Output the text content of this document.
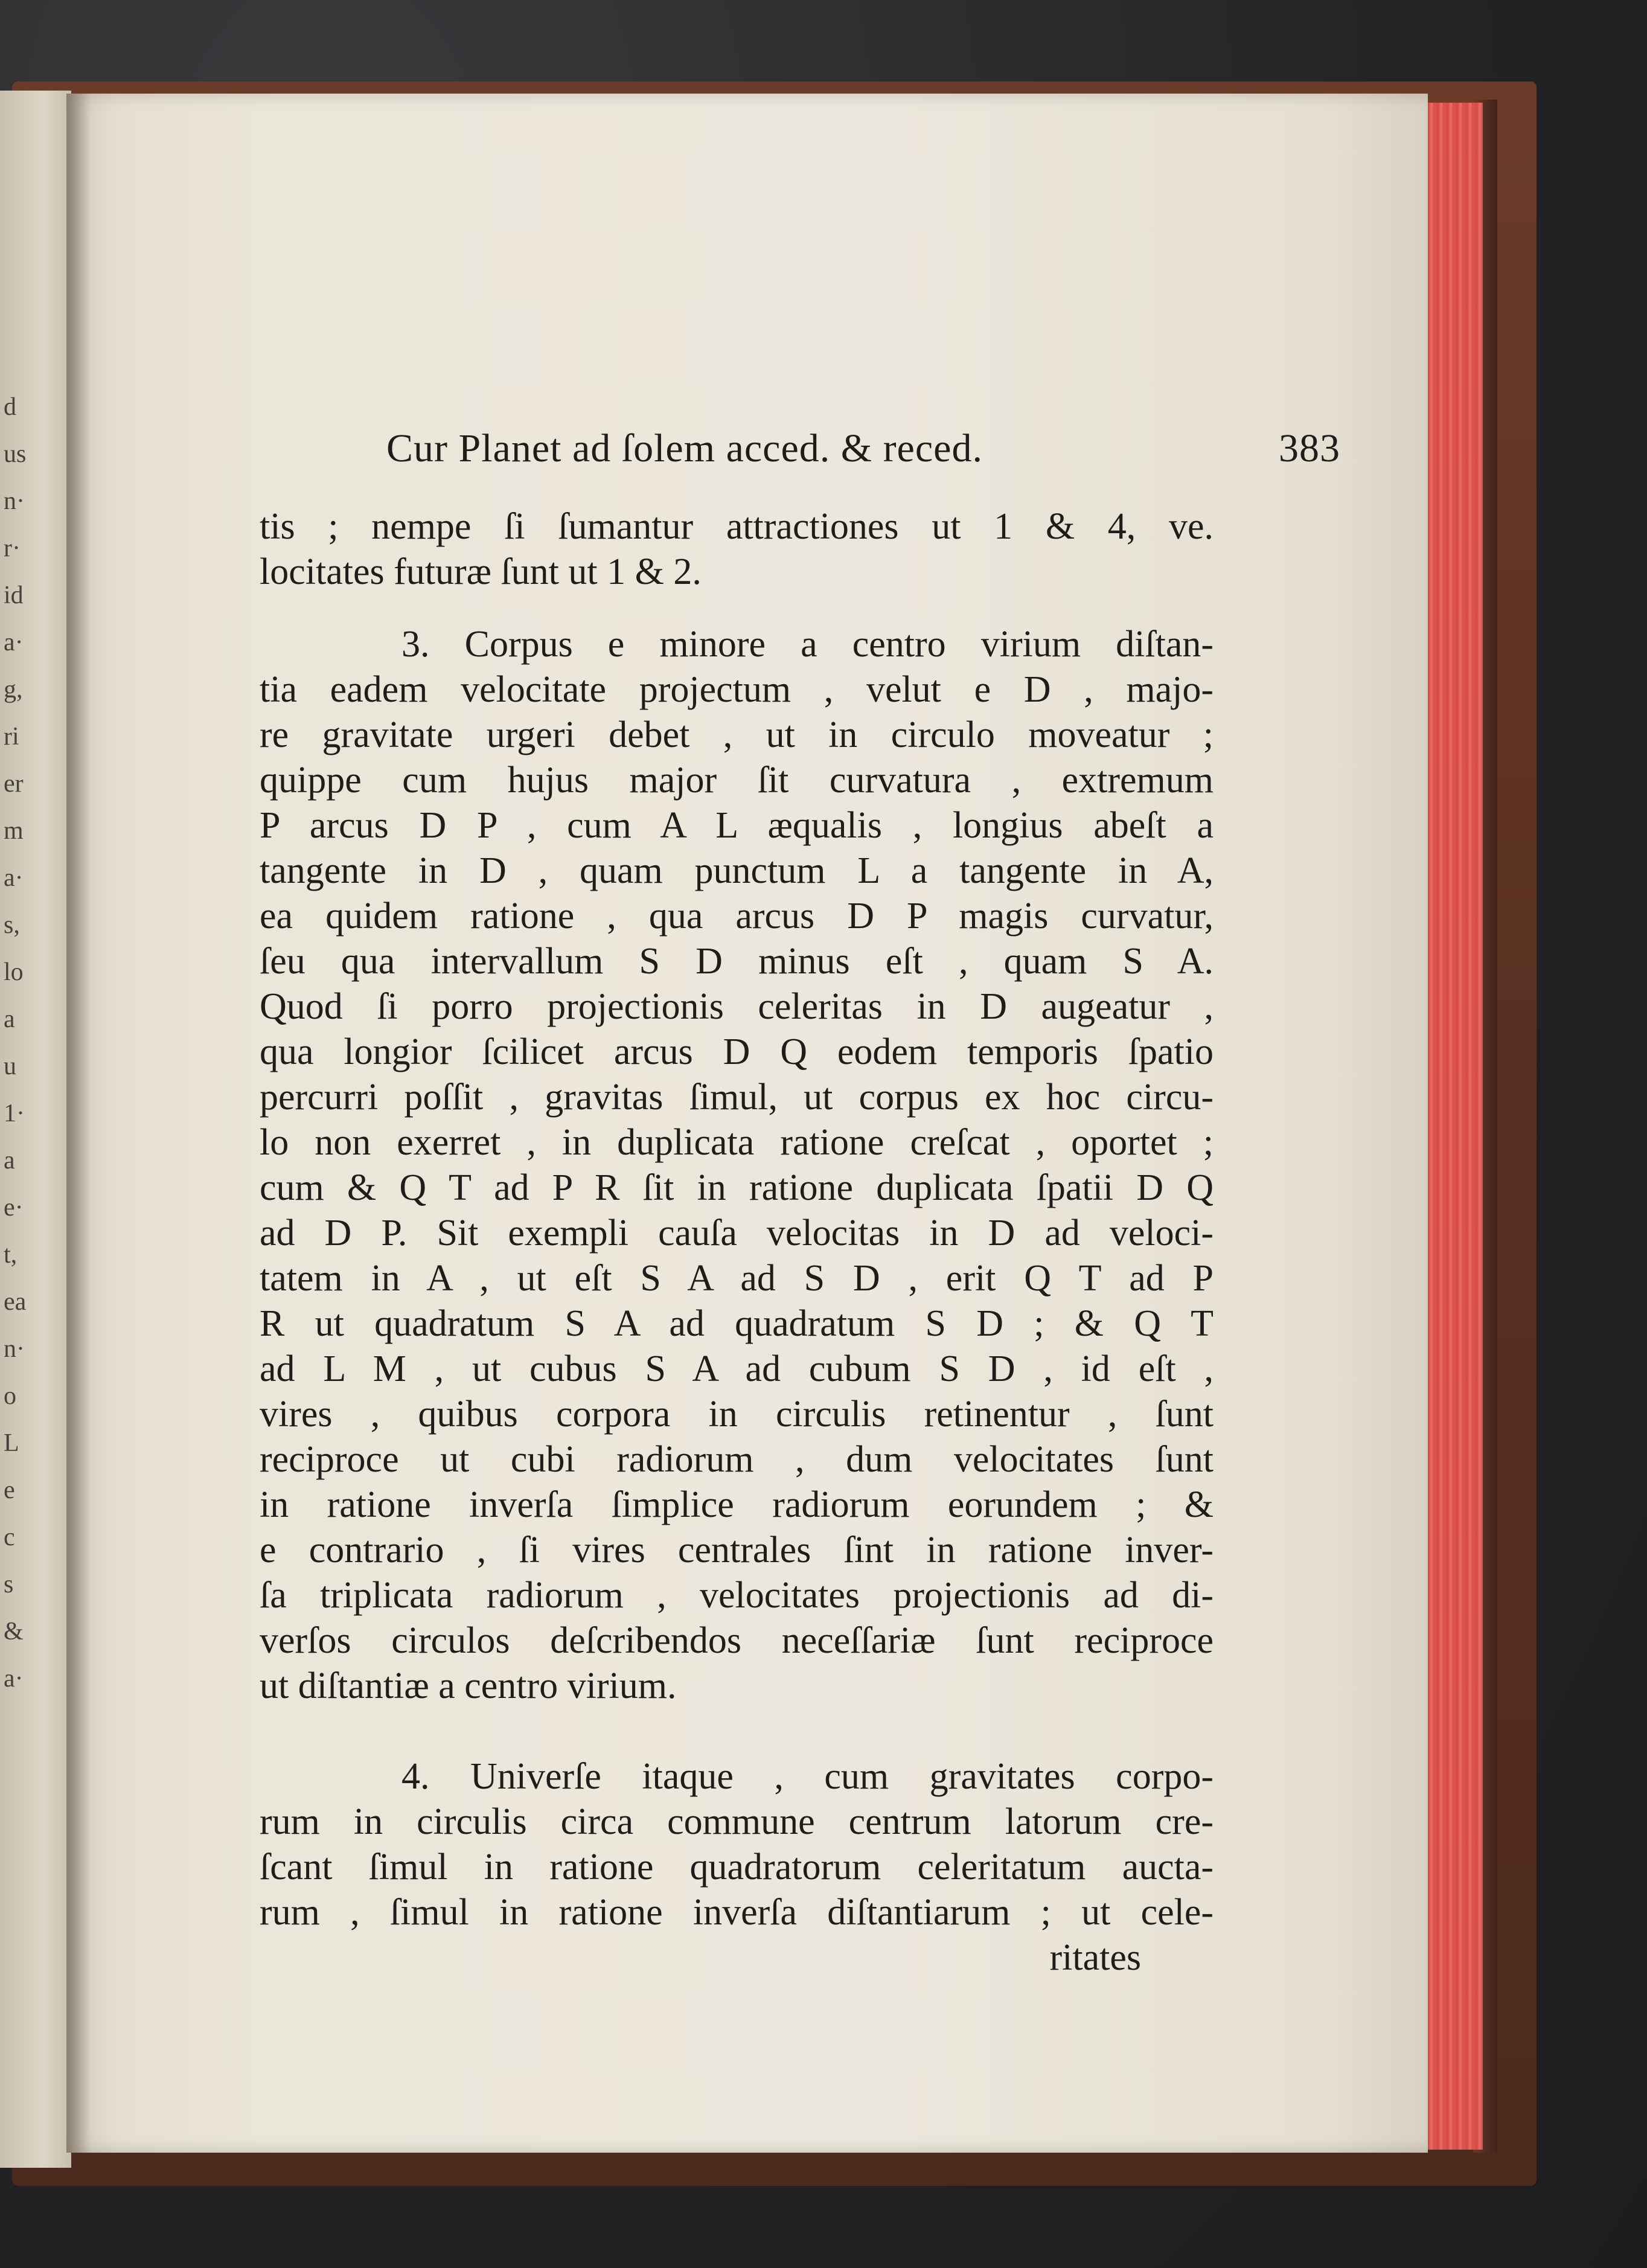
d
us
n·
r·
id
a·
g,
ri
er
m
a·
s,
lo
a
u
1·
a
e·
t,
ea
n·
o
L
e
c
s
&
a·
Cur Planet ad ſolem acced. & reced.	383
tis ; nempe ſi ſumantur attractiones ut 1 & 4, ve.
locitates futuræ ſunt ut 1 & 2.
3. Corpus e minore a centro virium diſtan-
tia eadem velocitate projectum , velut e D , majo-
re gravitate urgeri debet , ut in circulo moveatur ;
quippe cum hujus major ſit curvatura , extremum
P arcus D P , cum A L æqualis , longius abeſt a
tangente in D , quam punctum L a tangente in A,
ea quidem ratione , qua arcus D P magis curvatur,
ſeu qua intervallum S D minus eſt , quam S A.
Quod ſi porro projectionis celeritas in D augeatur ,
qua longior ſcilicet arcus D Q eodem temporis ſpatio
percurri poſſit , gravitas ſimul, ut corpus ex hoc circu-
lo non exerret , in duplicata ratione creſcat , oportet ;
cum & Q T ad P R ſit in ratione duplicata ſpatii D Q
ad D P. Sit exempli cauſa velocitas in D ad veloci-
tatem in A , ut eſt S A ad S D , erit Q T ad P
R ut quadratum S A ad quadratum S D ; & Q T
ad L M , ut cubus S A ad cubum S D , id eſt ,
vires , quibus corpora in circulis retinentur , ſunt
reciproce ut cubi radiorum , dum velocitates ſunt
in ratione inverſa ſimplice radiorum eorundem ; &
e contrario , ſi vires centrales ſint in ratione inver-
ſa triplicata radiorum , velocitates projectionis ad di-
verſos circulos deſcribendos neceſſariæ ſunt reciproce
ut diſtantiæ a centro virium.
4. Univerſe itaque , cum gravitates corpo-
rum in circulis circa commune centrum latorum cre-
ſcant ſimul in ratione quadratorum celeritatum aucta-
rum , ſimul in ratione inverſa diſtantiarum ; ut cele-
ritates
